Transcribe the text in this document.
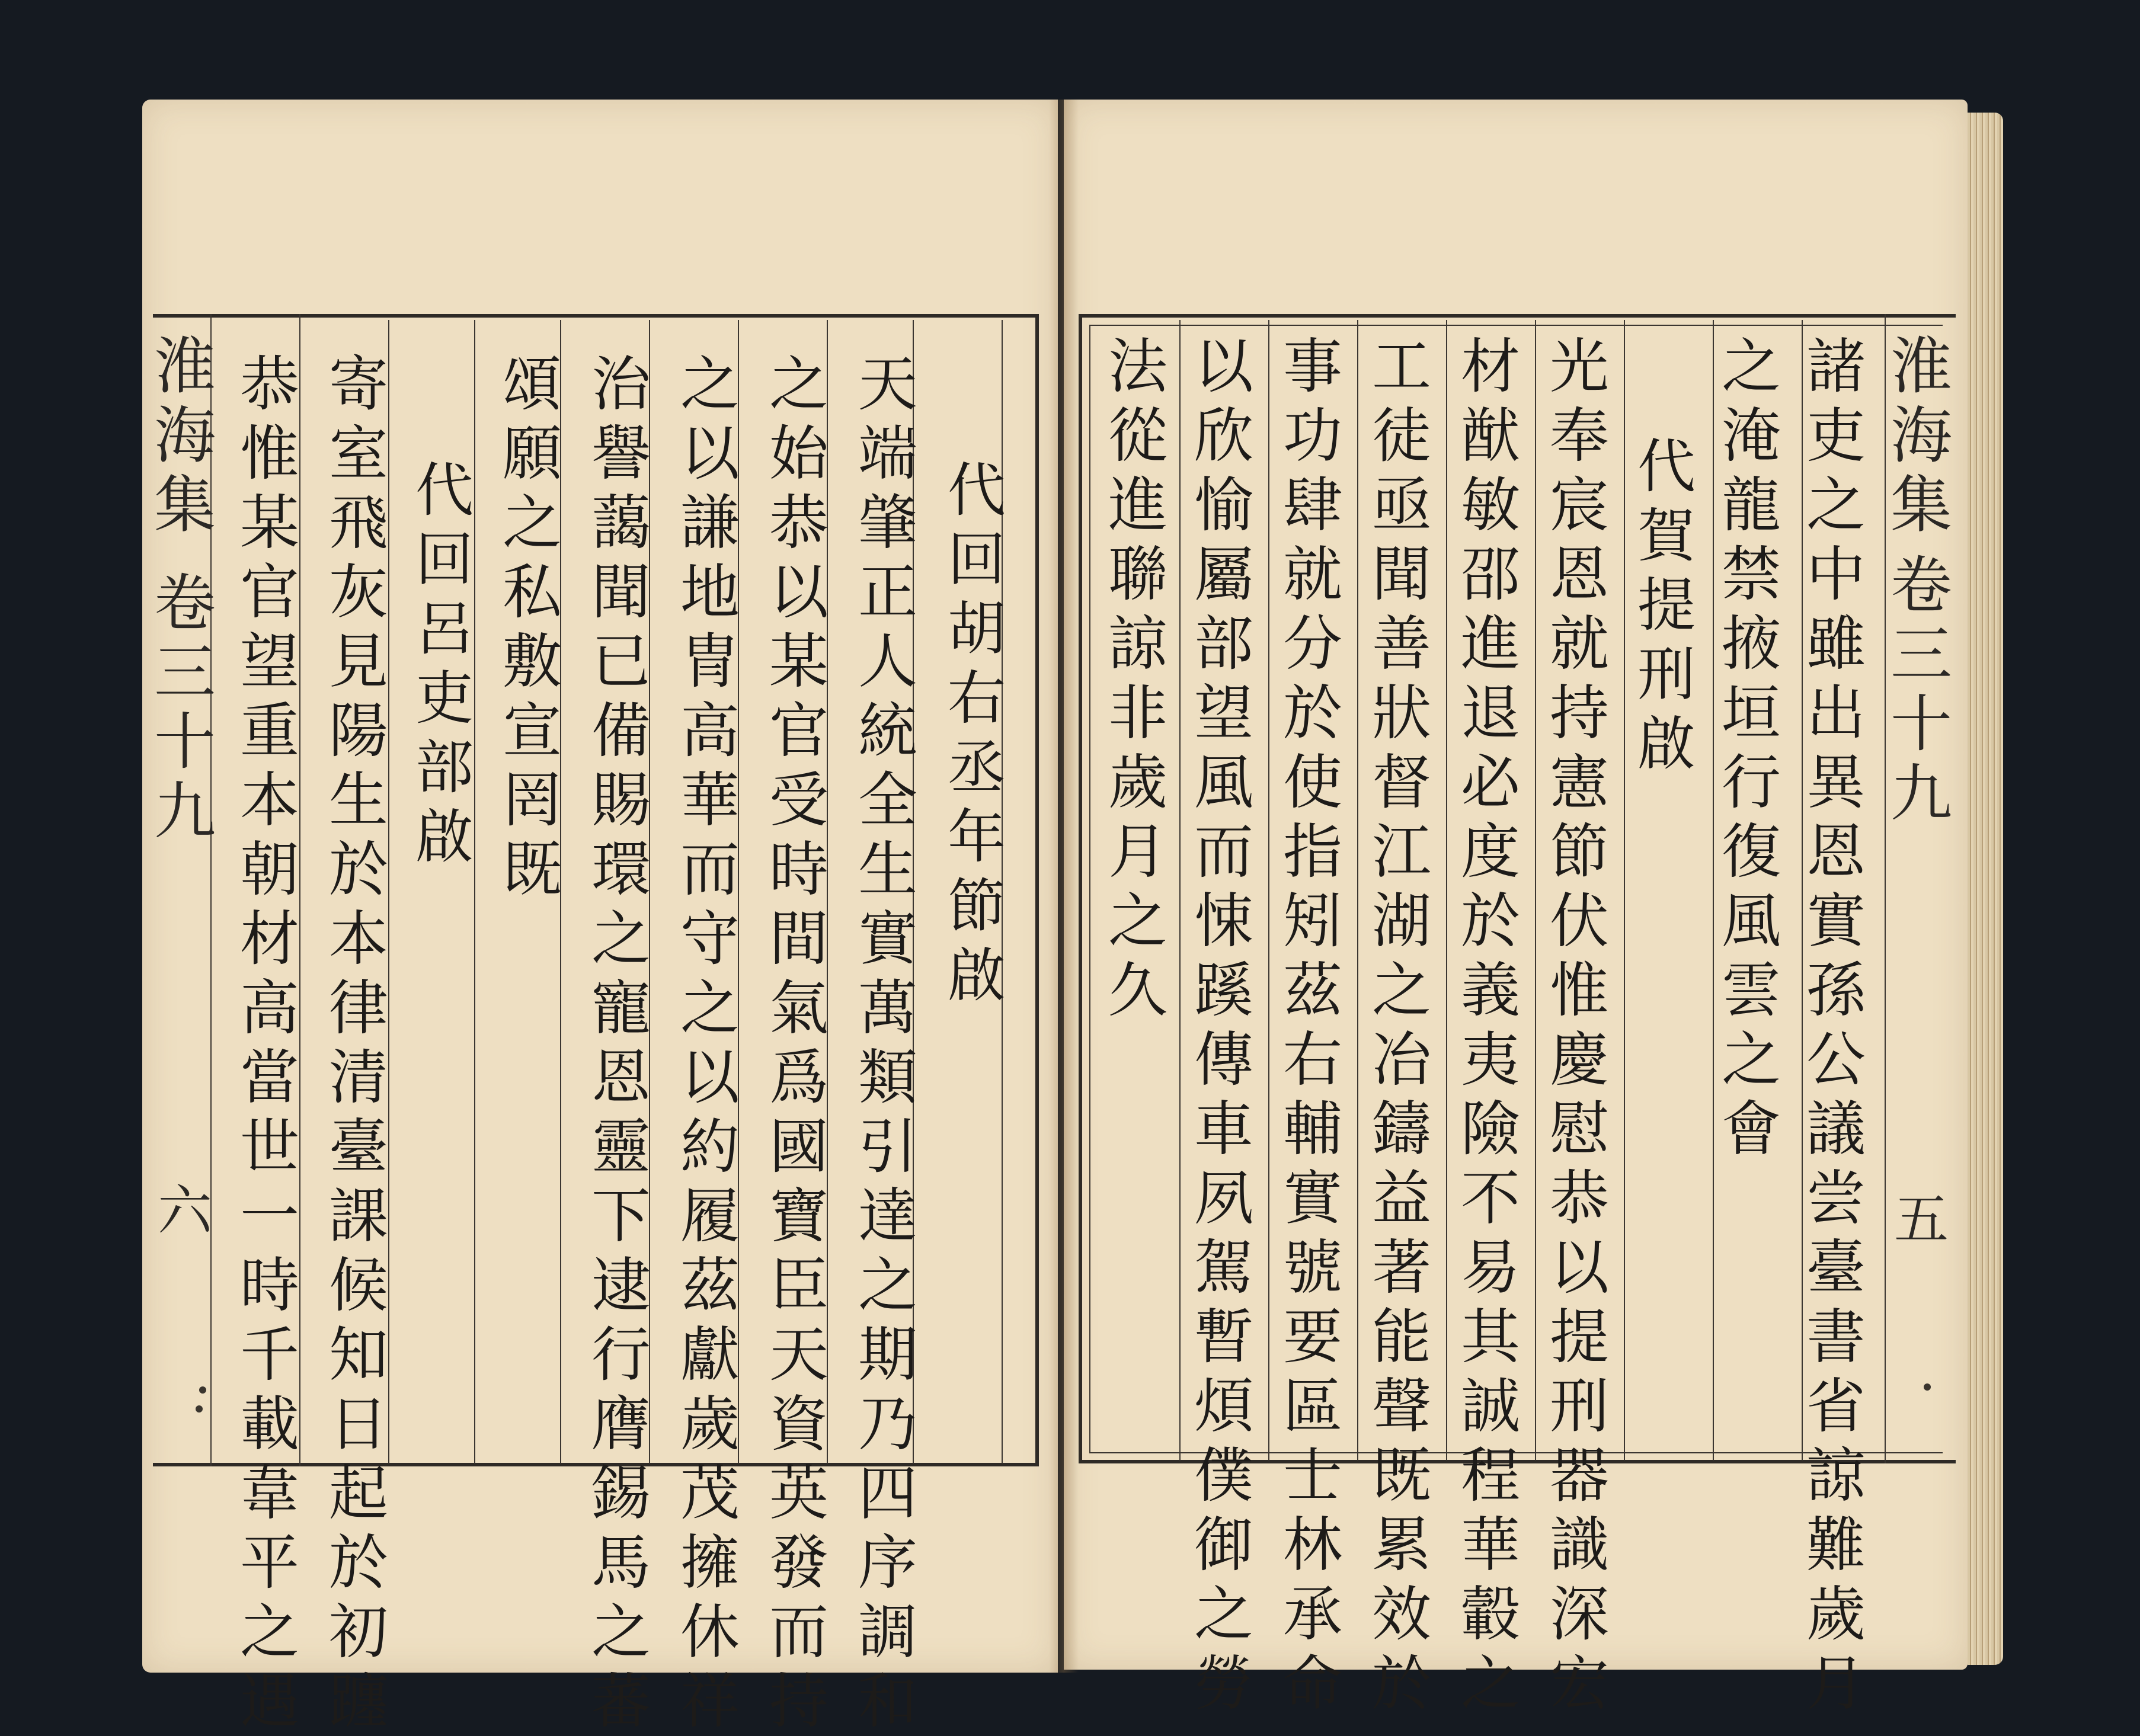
淮
海
集
卷
三
十
九
六
代
回
胡
右
丞
年
節
啟
天
端
肇
正
人
統
全
生
實
萬
類
引
達
之
期
乃
四
序
調
和
之
始
恭
以
某
官
受
時
間
氣
爲
國
寶
臣
天
資
英
發
而
持
之
以
謙
地
冑
高
華
而
守
之
以
約
履
茲
獻
歲
茂
擁
休
祥
治
譽
藹
聞
已
備
賜
環
之
寵
恩
靈
下
逮
行
膺
錫
馬
之
蕃
頌
願
之
私
敷
宣
罔
既
代
回
呂
吏
部
啟
寄
室
飛
灰
見
陽
生
於
本
律
清
臺
課
候
知
日
起
於
初
躔
恭
惟
某
官
望
重
本
朝
材
高
當
世
一
時
千
載
韋
平
之
遇
諸
吏
之
中
雖
出
異
恩
實
孫
公
議
尝
臺
書
省
諒
難
歲
月
之
淹
龍
禁
掖
垣
行
復
風
雲
之
會
代
賀
提
刑
啟
光
奉
宸
恩
就
持
憲
節
伏
惟
慶
慰
恭
以
提
刑
器
識
深
宏
材
猷
敏
邵
進
退
必
度
於
義
夷
險
不
易
其
誠
程
華
轂
之
工
徒
亟
聞
善
狀
督
江
湖
之
冶
鑄
益
著
能
聲
既
累
效
於
事
功
肆
就
分
於
使
指
矧
茲
右
輔
實
號
要
區
士
林
承
命
以
欣
愉
屬
部
望
風
而
悚
蹊
傳
車
夙
駕
暫
煩
僕
御
之
勞
法
從
進
聯
諒
非
歲
月
之
久
淮
海
集
卷
三
十
九
五
